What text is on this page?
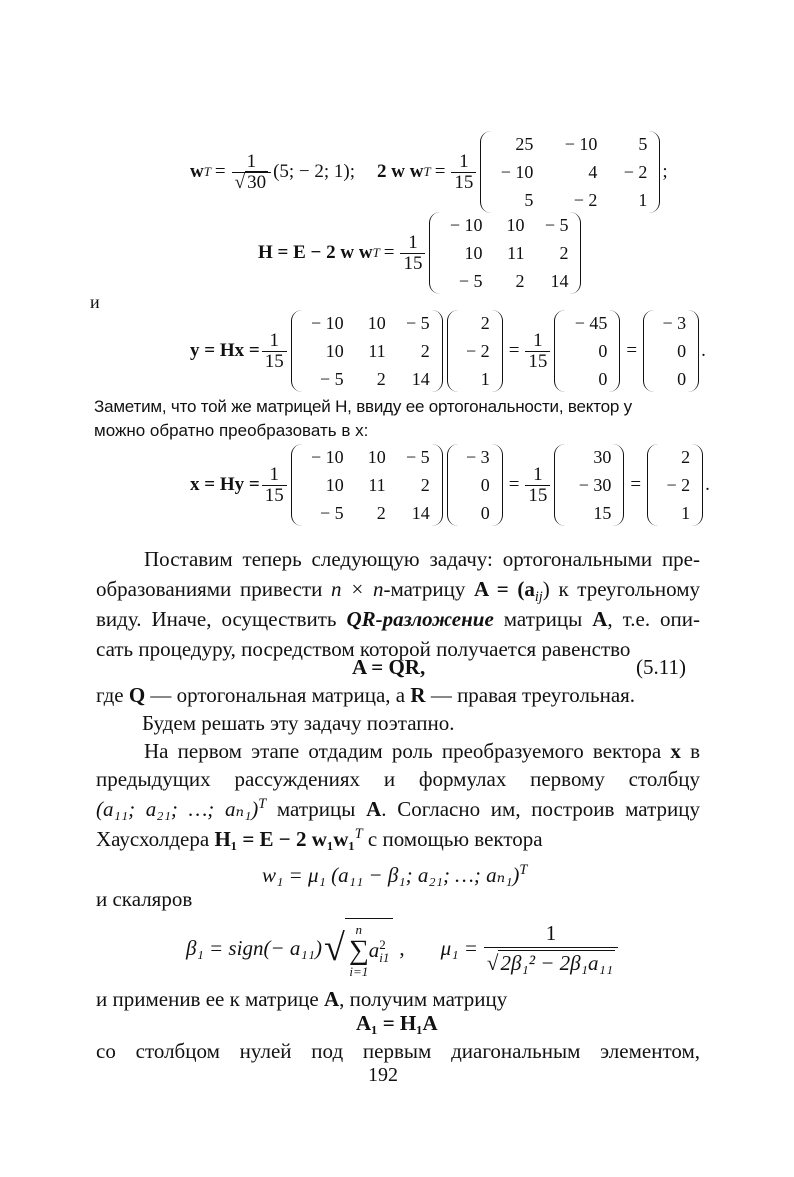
w $T = \frac{1}{√ 30} (5$; − 2; 1); 2 w w $T = \frac{1}{15}$
25	− 10	5
− 10	4	− 2
5	− 2	1
;
H = E − 2 w w $T = \frac{1}{15}$
− 10	10	− 5
10	11	2
− 5	2	14
и
$y = Hx = \frac{1}{15}$
− 10	10	− 5
10	11	2
− 5	2	14
2
− 2
1
= $\frac{1}{15}$
− 45
0
0
=
− 3
0
0
.
Заметим, что той же матрицей H, ввиду ее ортогональности, вектор y
можно обратно преобразовать в x:
$x = Hy = \frac{1}{15}$
− 10	10	− 5
10	11	2
− 5	2	14
− 3
0
0
= $\frac{1}{15}$
30
− 30
15
=
2
− 2
1
.
Поставим теперь следующую задачу: ортогональными пре-
образованиями привести n × n-матрицу $A = (a_{ij})$ к треугольному
виду. Иначе, осуществить QR-разложение матрицы A, т.е. опи-
сать процедуру, посредством которой получается равенство
A = QR,	(5.11)
где Q — ортогональная матрица, а R — правая треугольная.
Будем решать эту задачу поэтапно.
На первом этапе отдадим роль преобразуемого вектора x в
предыдущих рассуждениях и формулах первому столбцу
(a₁₁; a₂₁; …; aₙ₁)$^T$ матрицы A. Согласно им, построив матрицу
Хаусхолдера H₁ = E − 2 w₁w₁$^T$ с помощью вектора
w₁ = μ₁ (a₁₁ − β₁; a₂₁; …; aₙ₁)$^T$
и скаляров
β₁ = sign(− a₁₁) √ n
∑
i=1
a 2
i1 , $\mu_1 = \frac{1}{\text{√2β₁² − 2β₁a₁₁}}$
и применив ее к матрице A, получим матрицу
A₁ = H₁A
со столбцом нулей под первым диагональным элементом,
192
